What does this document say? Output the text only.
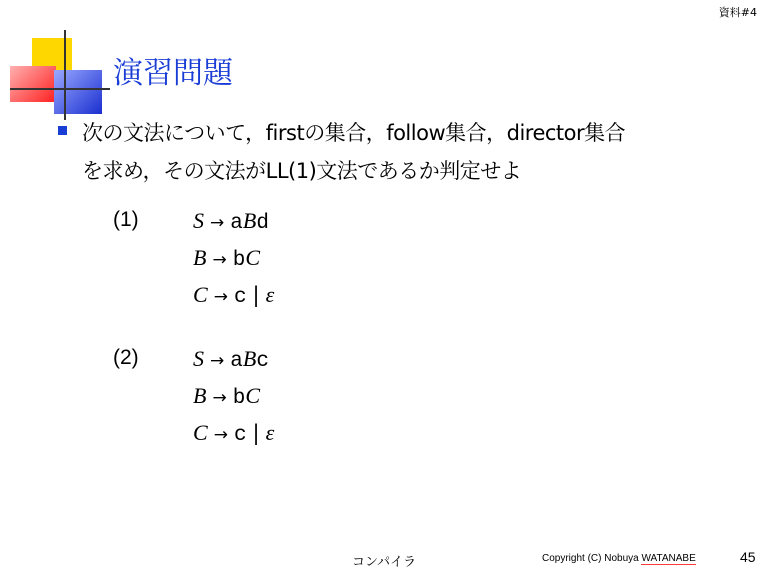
資料#4
演習問題
次の文法について，firstの集合，follow集合，director集合
を求め，その文法がLL(1)文法であるか判定せよ
(1) S → aBd
B → bC
C → c | ε
(2) S → aBc
B → bC
C → c | ε
コンパイラ	Copyright (C) Nobuya WATANABE	45
